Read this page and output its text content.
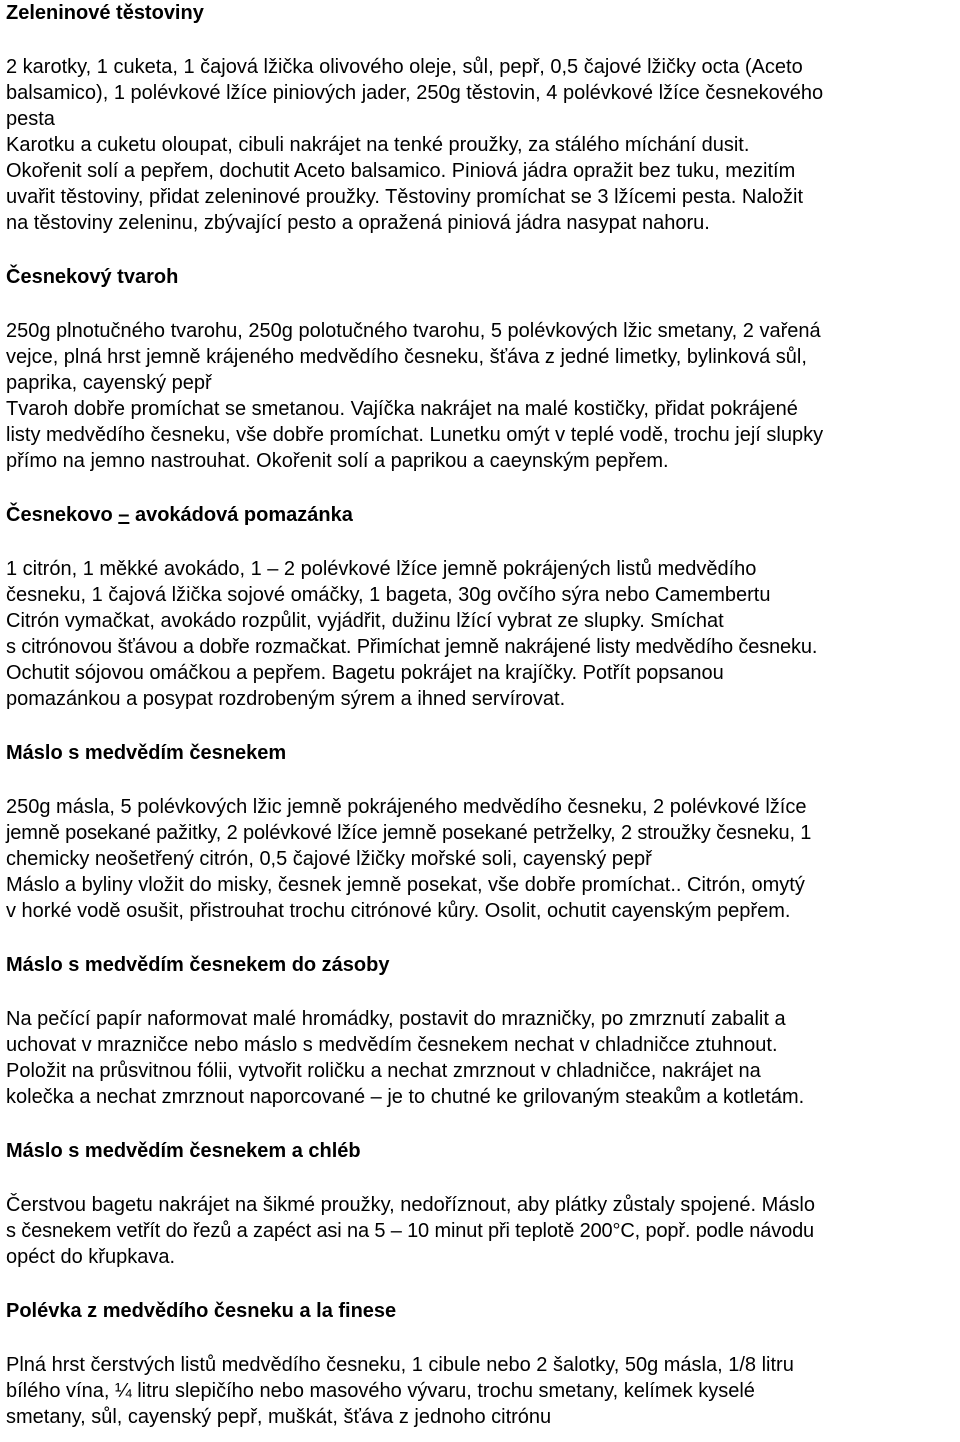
Zeleninové těstoviny
2 karotky, 1 cuketa, 1 čajová lžička olivového oleje, sůl, pepř, 0,5 čajové lžičky octa (Aceto
balsamico), 1 polévkové lžíce piniových jader, 250g těstovin, 4 polévkové lžíce česnekového
pesta
Karotku a cuketu oloupat, cibuli nakrájet na tenké proužky, za stálého míchání dusit.
Okořenit solí a pepřem, dochutit Aceto balsamico. Piniová jádra opražit bez tuku, mezitím
uvařit těstoviny, přidat zeleninové proužky. Těstoviny promíchat se 3 lžícemi pesta. Naložit
na těstoviny zeleninu, zbývající pesto a opražená piniová jádra nasypat nahoru.
Česnekový tvaroh
250g plnotučného tvarohu, 250g polotučného tvarohu, 5 polévkových lžic smetany, 2 vařená
vejce, plná hrst jemně krájeného medvědího česneku, šťáva z jedné limetky, bylinková sůl,
paprika, cayenský pepř
Tvaroh dobře promíchat se smetanou. Vajíčka nakrájet na malé kostičky, přidat pokrájené
listy medvědího česneku, vše dobře promíchat. Lunetku omýt v teplé vodě, trochu její slupky
přímo na jemno nastrouhat. Okořenit solí a paprikou a caeynským pepřem.
Česnekovo – avokádová pomazánka
1 citrón, 1 měkké avokádo, 1 – 2 polévkové lžíce jemně pokrájených listů medvědího
česneku, 1 čajová lžička sojové omáčky, 1 bageta, 30g ovčího sýra nebo Camembertu
Citrón vymačkat, avokádo rozpůlit, vyjádřit, dužinu lžící vybrat ze slupky. Smíchat
s citrónovou šťávou a dobře rozmačkat. Přimíchat jemně nakrájené listy medvědího česneku.
Ochutit sójovou omáčkou a pepřem. Bagetu pokrájet na krajíčky. Potřít popsanou
pomazánkou a posypat rozdrobeným sýrem a ihned servírovat.
Máslo s medvědím česnekem
250g másla, 5 polévkových lžic jemně pokrájeného medvědího česneku, 2 polévkové lžíce
jemně posekané pažitky, 2 polévkové lžíce jemně posekané petrželky, 2 stroužky česneku, 1
chemicky neošetřený citrón, 0,5 čajové lžičky mořské soli, cayenský pepř
Máslo a byliny vložit do misky, česnek jemně posekat, vše dobře promíchat.. Citrón, omytý
v horké vodě osušit, přistrouhat trochu citrónové kůry. Osolit, ochutit cayenským pepřem.
Máslo s medvědím česnekem do zásoby
Na pečící papír naformovat malé hromádky, postavit do mrazničky, po zmrznutí zabalit a
uchovat v mrazničce nebo máslo s medvědím česnekem nechat v chladničce ztuhnout.
Položit na průsvitnou fólii, vytvořit roličku a nechat zmrznout v chladničce, nakrájet na
kolečka a nechat zmrznout naporcované – je to chutné ke grilovaným steakům a kotletám.
Máslo s medvědím česnekem a chléb
Čerstvou bagetu nakrájet na šikmé proužky, nedoříznout, aby plátky zůstaly spojené. Máslo
s česnekem vetřít do řezů a zapéct asi na 5 – 10 minut při teplotě 200°C, popř. podle návodu
opéct do křupkava.
Polévka z medvědího česneku a la finese
Plná hrst čerstvých listů medvědího česneku, 1 cibule nebo 2 šalotky, 50g másla, 1/8 litru
bílého vína, ¼ litru slepičího nebo masového vývaru, trochu smetany, kelímek kyselé
smetany, sůl, cayenský pepř, muškát, šťáva z jednoho citrónu
